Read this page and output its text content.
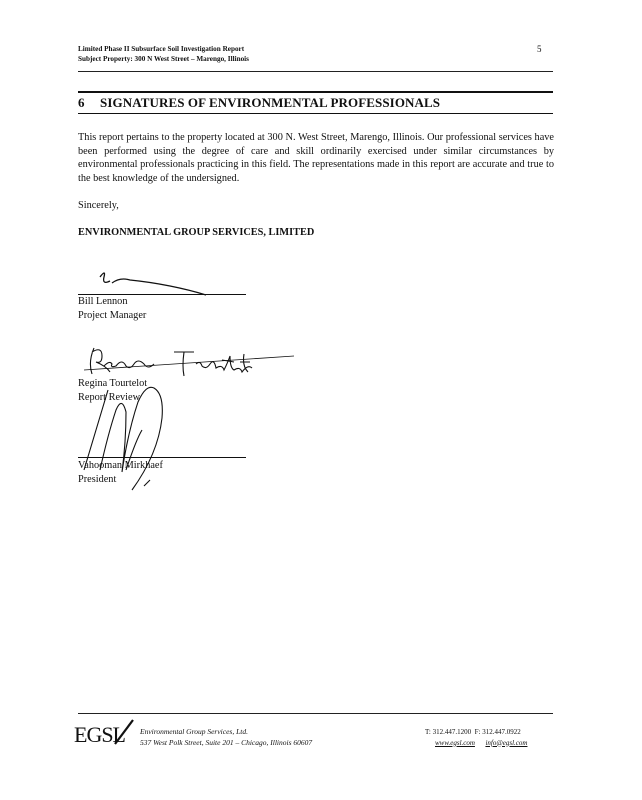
Limited Phase II Subsurface Soil Investigation Report
Subject Property: 300 N West Street – Marengo, Illinois
5
6 SIGNATURES OF ENVIRONMENTAL PROFESSIONALS
This report pertains to the property located at 300 N. West Street, Marengo, Illinois. Our professional services have been performed using the degree of care and skill ordinarily exercised under similar circumstances by environmental professionals practicing in this field. The representations made in this report are accurate and true to the best knowledge of the undersigned.
Sincerely,
ENVIRONMENTAL GROUP SERVICES, LIMITED
Bill Lennon
Project Manager
Regina Tourtelot
Report Review
Vahooman Mirkhaef
President
EGSL Environmental Group Services, Ltd.
537 West Polk Street, Suite 201 – Chicago, Illinois 60607
T: 312.447.1200 F: 312.447.0922
www.egsl.com info@egsl.com
